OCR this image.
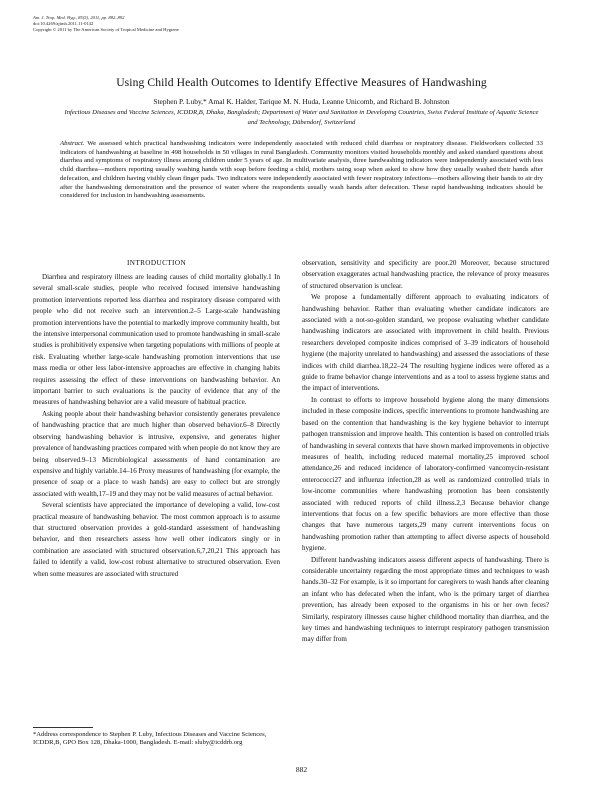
Am. J. Trop. Med. Hyg., 85(5), 2011, pp. 882–892
doi:10.4269/ajtmh.2011.11-0142
Copyright © 2011 by The American Society of Tropical Medicine and Hygiene
Using Child Health Outcomes to Identify Effective Measures of Handwashing
Stephen P. Luby,* Amal K. Halder, Tarique M. N. Huda, Leanne Unicomb, and Richard B. Johnston
Infectious Diseases and Vaccine Sciences, ICDDR,B, Dhaka, Bangladesh; Department of Water and Sanitation in Developing Countries, Swiss Federal Institute of Aquatic Science and Technology, Dübendorf, Switzerland
Abstract. We assessed which practical handwashing indicators were independently associated with reduced child diarrhea or respiratory disease. Fieldworkers collected 33 indicators of handwashing at baseline in 498 households in 50 villages in rural Bangladesh. Community monitors visited households monthly and asked standard questions about diarrhea and symptoms of respiratory illness among children under 5 years of age. In multivariate analysis, three handwashing indicators were independently associated with less child diarrhea—mothers reporting usually washing hands with soap before feeding a child, mothers using soap when asked to show how they usually washed their hands after defecation, and children having visibly clean finger pads. Two indicators were independently associated with fewer respiratory infections—mothers allowing their hands to air dry after the handwashing demonstration and the presence of water where the respondents usually wash hands after defecation. These rapid handwashing indicators should be considered for inclusion in handwashing assessments.
INTRODUCTION

Diarrhea and respiratory illness are leading causes of child mortality globally.1 In several small-scale studies, people who received focused intensive handwashing promotion interventions reported less diarrhea and respiratory disease compared with people who did not receive such an intervention.2–5 Large-scale handwashing promotion interventions have the potential to markedly improve community health, but the intensive interpersonal communication used to promote handwashing in small-scale studies is prohibitively expensive when targeting populations with millions of people at risk. Evaluating whether large-scale handwashing promotion interventions that use mass media or other less labor-intensive approaches are effective in changing habits requires assessing the effect of these interventions on handwashing behavior. An important barrier to such evaluations is the paucity of evidence that any of the measures of handwashing behavior are a valid measure of habitual practice.

Asking people about their handwashing behavior consistently generates prevalence of handwashing practice that are much higher than observed behavior.6–8 Directly observing handwashing behavior is intrusive, expensive, and generates higher prevalence of handwashing practices compared with when people do not know they are being observed.9–13 Microbiological assessments of hand contamination are expensive and highly variable.14–16 Proxy measures of handwashing (for example, the presence of soap or a place to wash hands) are easy to collect but are strongly associated with wealth,17–19 and they may not be valid measures of actual behavior.

Several scientists have appreciated the importance of developing a valid, low-cost practical measure of handwashing behavior. The most common approach is to assume that structured observation provides a gold-standard assessment of handwashing behavior, and then researchers assess how well other indicators singly or in combination are associated with structured observation.6,7,20,21 This approach has failed to identify a valid, low-cost robust alternative to structured observation. Even when some measures are associated with structured

observation, sensitivity and specificity are poor.20 Moreover, because structured observation exaggerates actual handwashing practice, the relevance of proxy measures of structured observation is unclear.

We propose a fundamentally different approach to evaluating indicators of handwashing behavior. Rather than evaluating whether candidate indicators are associated with a not-so-golden standard, we propose evaluating whether candidate handwashing indicators are associated with improvement in child health. Previous researchers developed composite indices comprised of 3–39 indicators of household hygiene (the majority unrelated to handwashing) and assessed the associations of these indices with child diarrhea.18,22–24 The resulting hygiene indices were offered as a guide to frame behavior change interventions and as a tool to assess hygiene status and the impact of interventions.

In contrast to efforts to improve household hygiene along the many dimensions included in these composite indices, specific interventions to promote handwashing are based on the contention that handwashing is the key hygiene behavior to interrupt pathogen transmission and improve health. This contention is based on controlled trials of handwashing in several contexts that have shown marked improvements in objective measures of health, including reduced maternal mortality,25 improved school attendance,26 and reduced incidence of laboratory-confirmed vancomycin-resistant enterococci27 and influenza infection,28 as well as randomized controlled trials in low-income communities where handwashing promotion has been consistently associated with reduced reports of child illness.2,3 Because behavior change interventions that focus on a few specific behaviors are more effective than those changes that have numerous targets,29 many current interventions focus on handwashing promotion rather than attempting to affect diverse aspects of household hygiene.

Different handwashing indicators assess different aspects of handwashing. There is considerable uncertainty regarding the most appropriate times and techniques to wash hands.30–32 For example, is it so important for caregivers to wash hands after cleaning an infant who has defecated when the infant, who is the primary target of diarrhea prevention, has already been exposed to the organisms in his or her own feces? Similarly, respiratory illnesses cause higher childhood mortality than diarrhea, and the key times and handwashing techniques to interrupt respiratory pathogen transmission may differ from

*Address correspondence to Stephen P. Luby, Infectious Diseases and Vaccine Sciences, ICDDR,B, GPO Box 128, Dhaka-1000, Bangladesh. E-mail: sluby@icddrb.org
882
